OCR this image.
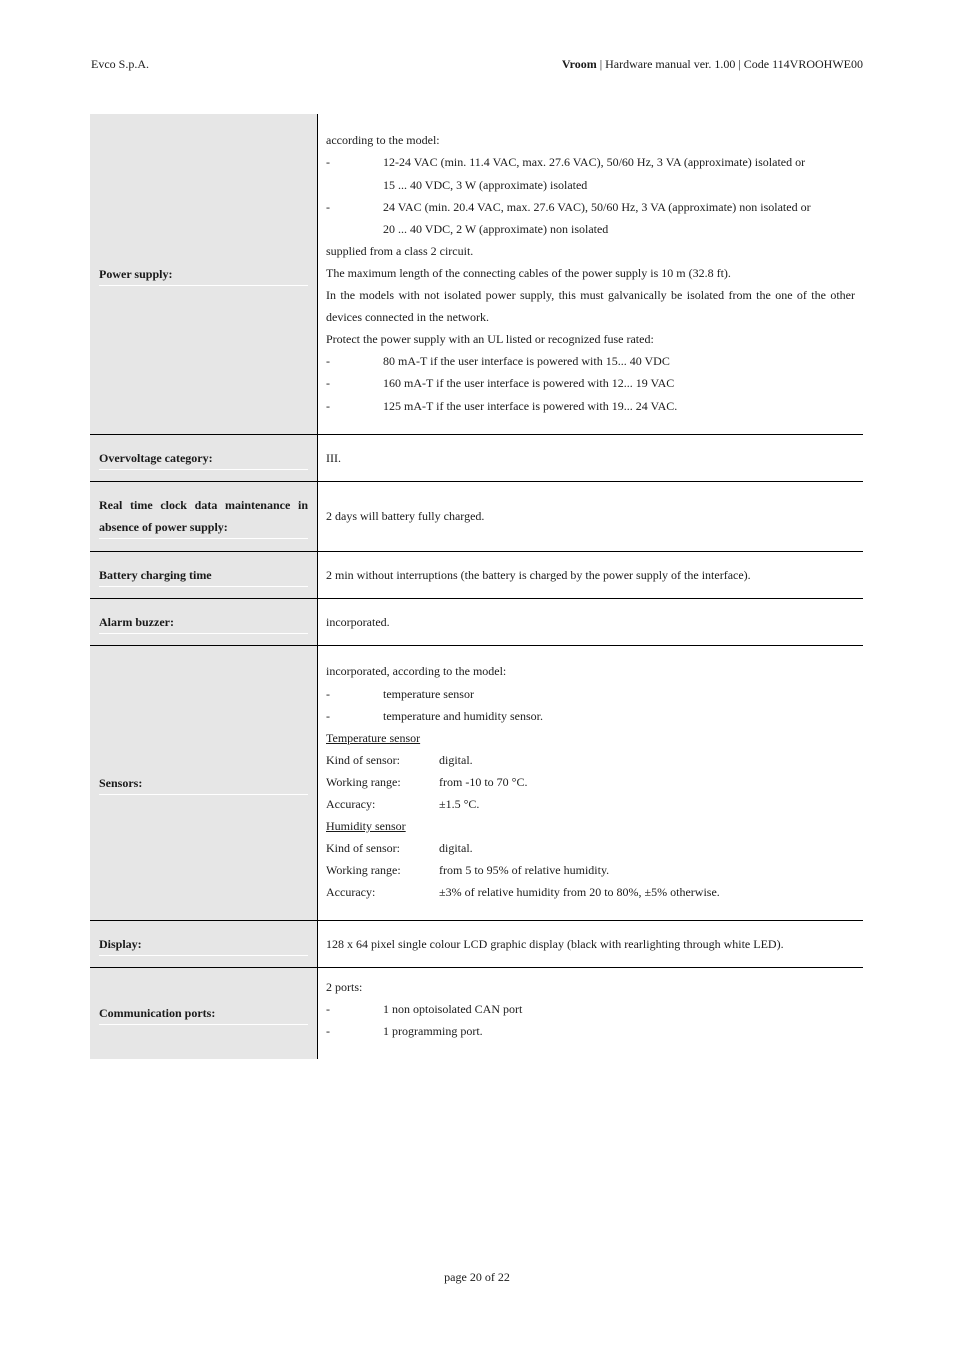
Evco S.p.A.	Vroom | Hardware manual ver. 1.00 | Code 114VROOHWE00
Power supply:
according to the model:
-	12-24 VAC (min. 11.4 VAC, max. 27.6 VAC), 50/60 Hz, 3 VA (approximate) isolated or
15 ... 40 VDC, 3 W (approximate) isolated
-	24 VAC (min. 20.4 VAC, max. 27.6 VAC), 50/60 Hz, 3 VA (approximate) non isolated or
20 ... 40 VDC, 2 W (approximate) non isolated
supplied from a class 2 circuit.
The maximum length of the connecting cables of the power supply is 10 m (32.8 ft).
In the models with not isolated power supply, this must galvanically be isolated from the one of the other devices connected in the network.
Protect the power supply with an UL listed or recognized fuse rated:
-	80 mA-T if the user interface is powered with 15... 40 VDC
-	160 mA-T if the user interface is powered with 12... 19 VAC
-	125 mA-T if the user interface is powered with 19... 24 VAC.
Overvoltage category:	III.
Real time clock data maintenance in absence of power supply:
2 days will battery fully charged.
Battery charging time	2 min without interruptions (the battery is charged by the power supply of the interface).
Alarm buzzer:	incorporated.
Sensors:
incorporated, according to the model:
-	temperature sensor
-	temperature and humidity sensor.
Temperature sensor
Kind of sensor:	digital.
Working range:	from -10 to 70 °C.
Accuracy:	±1.5 °C.
Humidity sensor
Kind of sensor:	digital.
Working range:	from 5 to 95% of relative humidity.
Accuracy:	±3% of relative humidity from 20 to 80%, ±5% otherwise.
Display:	128 x 64 pixel single colour LCD graphic display (black with rearlighting through white LED).
Communication ports:
2 ports:
-	1 non optoisolated CAN port
-	1 programming port.
page 20 of 22
